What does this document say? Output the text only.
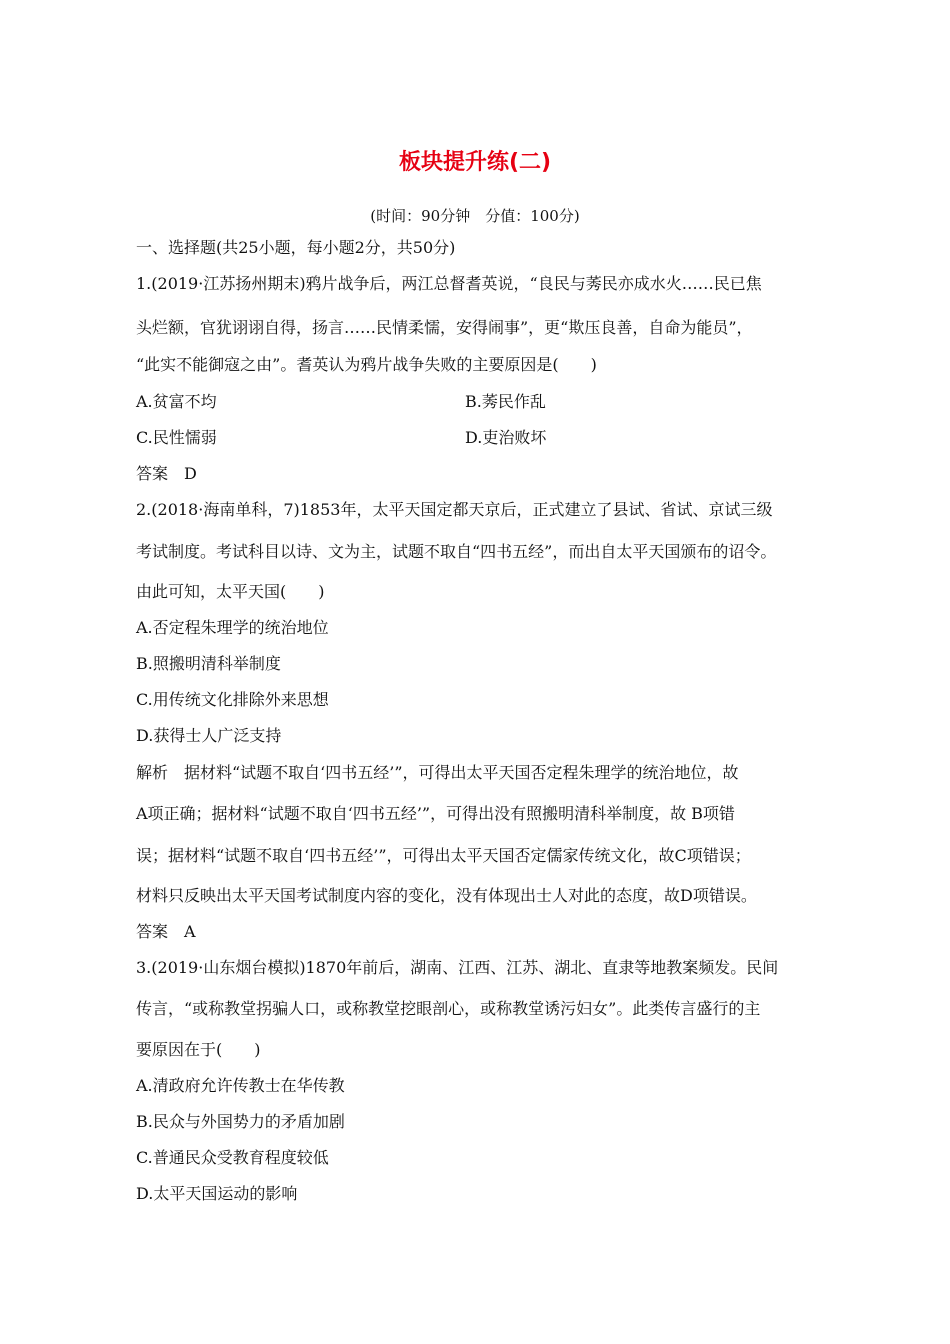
板块提升练(二)
(时间：90分钟　分值：100分)
一、选择题(共25小题，每小题2分，共50分)
1.(2019·江苏扬州期末)鸦片战争后，两江总督耆英说，“良民与莠民亦成水火……民已焦
头烂额，官犹诩诩自得，扬言……民情柔懦，安得闹事”，更“欺压良善，自命为能员”，
“此实不能御寇之由”。耆英认为鸦片战争失败的主要原因是(　　)
A.贫富不均	B.莠民作乱
C.民性懦弱	D.吏治败坏
答案　D
2.(2018·海南单科，7)1853年，太平天国定都天京后，正式建立了县试、省试、京试三级
考试制度。考试科目以诗、文为主，试题不取自“四书五经”，而出自太平天国颁布的诏令。
由此可知，太平天国(　　)
A.否定程朱理学的统治地位
B.照搬明清科举制度
C.用传统文化排除外来思想
D.获得士人广泛支持
解析　据材料“试题不取自‘四书五经’”，可得出太平天国否定程朱理学的统治地位，故
A项正确；据材料“试题不取自‘四书五经’”，可得出没有照搬明清科举制度，故 B项错
误；据材料“试题不取自‘四书五经’”，可得出太平天国否定儒家传统文化，故C项错误；
材料只反映出太平天国考试制度内容的变化，没有体现出士人对此的态度，故D项错误。
答案　A
3.(2019·山东烟台模拟)1870年前后，湖南、江西、江苏、湖北、直隶等地教案频发。民间
传言，“或称教堂拐骗人口，或称教堂挖眼剖心，或称教堂诱污妇女”。此类传言盛行的主
要原因在于(　　)
A.清政府允许传教士在华传教
B.民众与外国势力的矛盾加剧
C.普通民众受教育程度较低
D.太平天国运动的影响
